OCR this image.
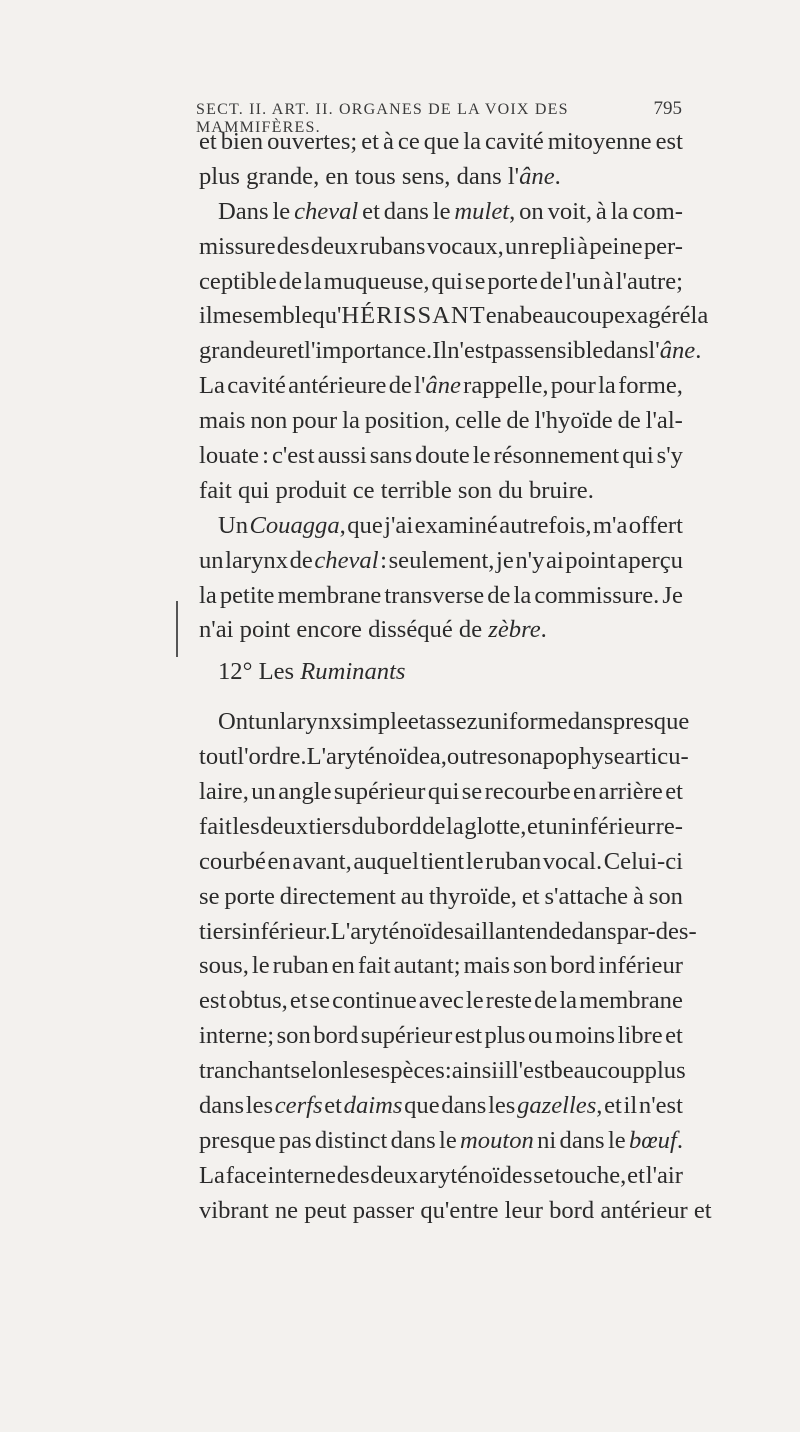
SECT. II. ART. II. ORGANES DE LA VOIX DES MAMMIFÈRES.
795
et bien ouvertes; et à ce que la cavité mitoyenne est
plus
grande,
en
tous
sens,
dans
l'âne.
Dans le cheval et dans le mulet, on voit, à la com-
missure des deux rubans vocaux, un repli à peine per-
ceptible de la muqueuse, qui se porte de l'un à l'autre;
il me semble qu'HÉRISSANT en a beaucoup exagéré la
grandeur et l'importance. Il n'est pas sensible dans l'âne.
La cavité antérieure de l'âne rappelle, pour la forme,
mais non pour la position, celle de l'hyoïde de l'al-
louate : c'est aussi sans doute le résonnement qui s'y
fait
qui
produit
ce
terrible
son
du
bruire.
Un Couagga, que j'ai examiné autrefois, m'a offert
un larynx de cheval : seulement, je n'y ai point aperçu
la petite membrane transverse de la commissure. Je
n'ai
point
encore
disséqué
de
zèbre.
12°
Les
Ruminants
Ont un larynx simple et assez uniforme dans presque
tout l'ordre. L'aryténoïde a, outre son apophyse articu-
laire, un angle supérieur qui se recourbe en arrière et
fait les deux tiers du bord de la glotte, et un inférieur re-
courbé en avant, auquel tient le ruban vocal. Celui-ci
se porte directement au thyroïde, et s'attache à son
tiers inférieur. L'aryténoïde saillant en dedans par-des-
sous, le ruban en fait autant; mais son bord inférieur
est obtus, et se continue avec le reste de la membrane
interne; son bord supérieur est plus ou moins libre et
tranchant selon les espèces: ainsi il l'est beaucoup plus
dans les cerfs et daims que dans les gazelles, et il n'est
presque pas distinct dans le mouton ni dans le bœuf.
La face interne des deux aryténoïdes se touche, et l'air
vibrant
ne
peut
passer
qu'entre
leur
bord
antérieur
et
